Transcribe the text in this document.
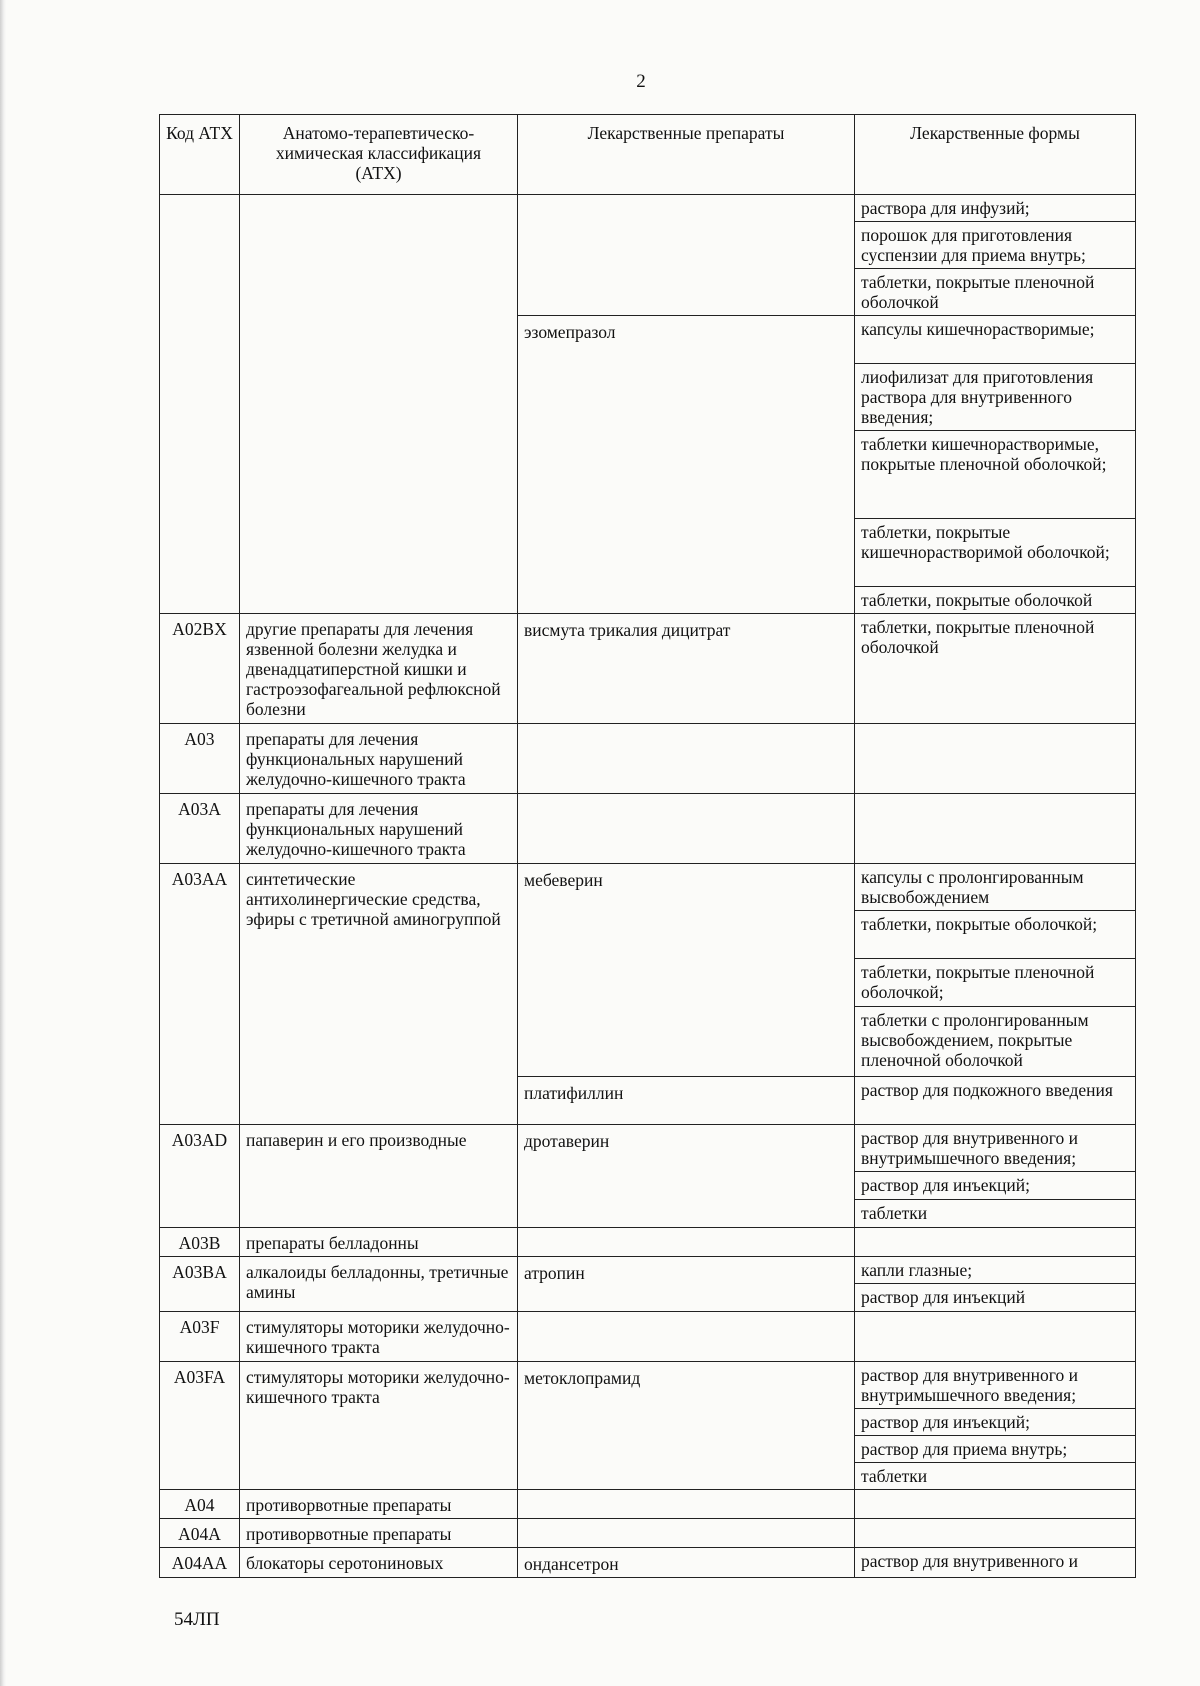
2
Код АТХ	Анатомо-терапевтическо-химическая классификация (АТХ)	Лекарственные препараты	Лекарственные формы
			раствора для инфузий;
			порошок для приготовления суспензии для приема внутрь;
			таблетки, покрытые пленочной оболочкой
		эзомепразол	капсулы кишечнорастворимые;
			лиофилизат для приготовления раствора для внутривенного введения;
			таблетки кишечнорастворимые, покрытые пленочной оболочкой;
			таблетки, покрытые кишечнорастворимой оболочкой;
			таблетки, покрытые оболочкой
A02BX	другие препараты для лечения язвенной болезни желудка и двенадцатиперстной кишки и гастроэзофагеальной рефлюксной болезни	висмута трикалия дицитрат	таблетки, покрытые пленочной оболочкой
A03	препараты для лечения функциональных нарушений желудочно-кишечного тракта		
A03A	препараты для лечения функциональных нарушений желудочно-кишечного тракта		
A03AA	синтетические антихолинергические средства, эфиры с третичной аминогруппой	мебеверин	капсулы с пролонгированным высвобождением
			таблетки, покрытые оболочкой;
			таблетки, покрытые пленочной оболочкой;
			таблетки с пролонгированным высвобождением, покрытые пленочной оболочкой
		платифиллин	раствор для подкожного введения
A03AD	папаверин и его производные	дротаверин	раствор для внутривенного и внутримышечного введения;
			раствор для инъекций;
			таблетки
A03B	препараты белладонны		
A03BA	алкалоиды белладонны, третичные амины	атропин	капли глазные;
			раствор для инъекций
A03F	стимуляторы моторики желудочно-кишечного тракта		
A03FA	стимуляторы моторики желудочно-кишечного тракта	метоклопрамид	раствор для внутривенного и внутримышечного введения;
			раствор для инъекций;
			раствор для приема внутрь;
			таблетки
A04	противорвотные препараты		
A04A	противорвотные препараты		
A04AA	блокаторы серотониновых	ондансетрон	раствор для внутривенного и
54ЛП
